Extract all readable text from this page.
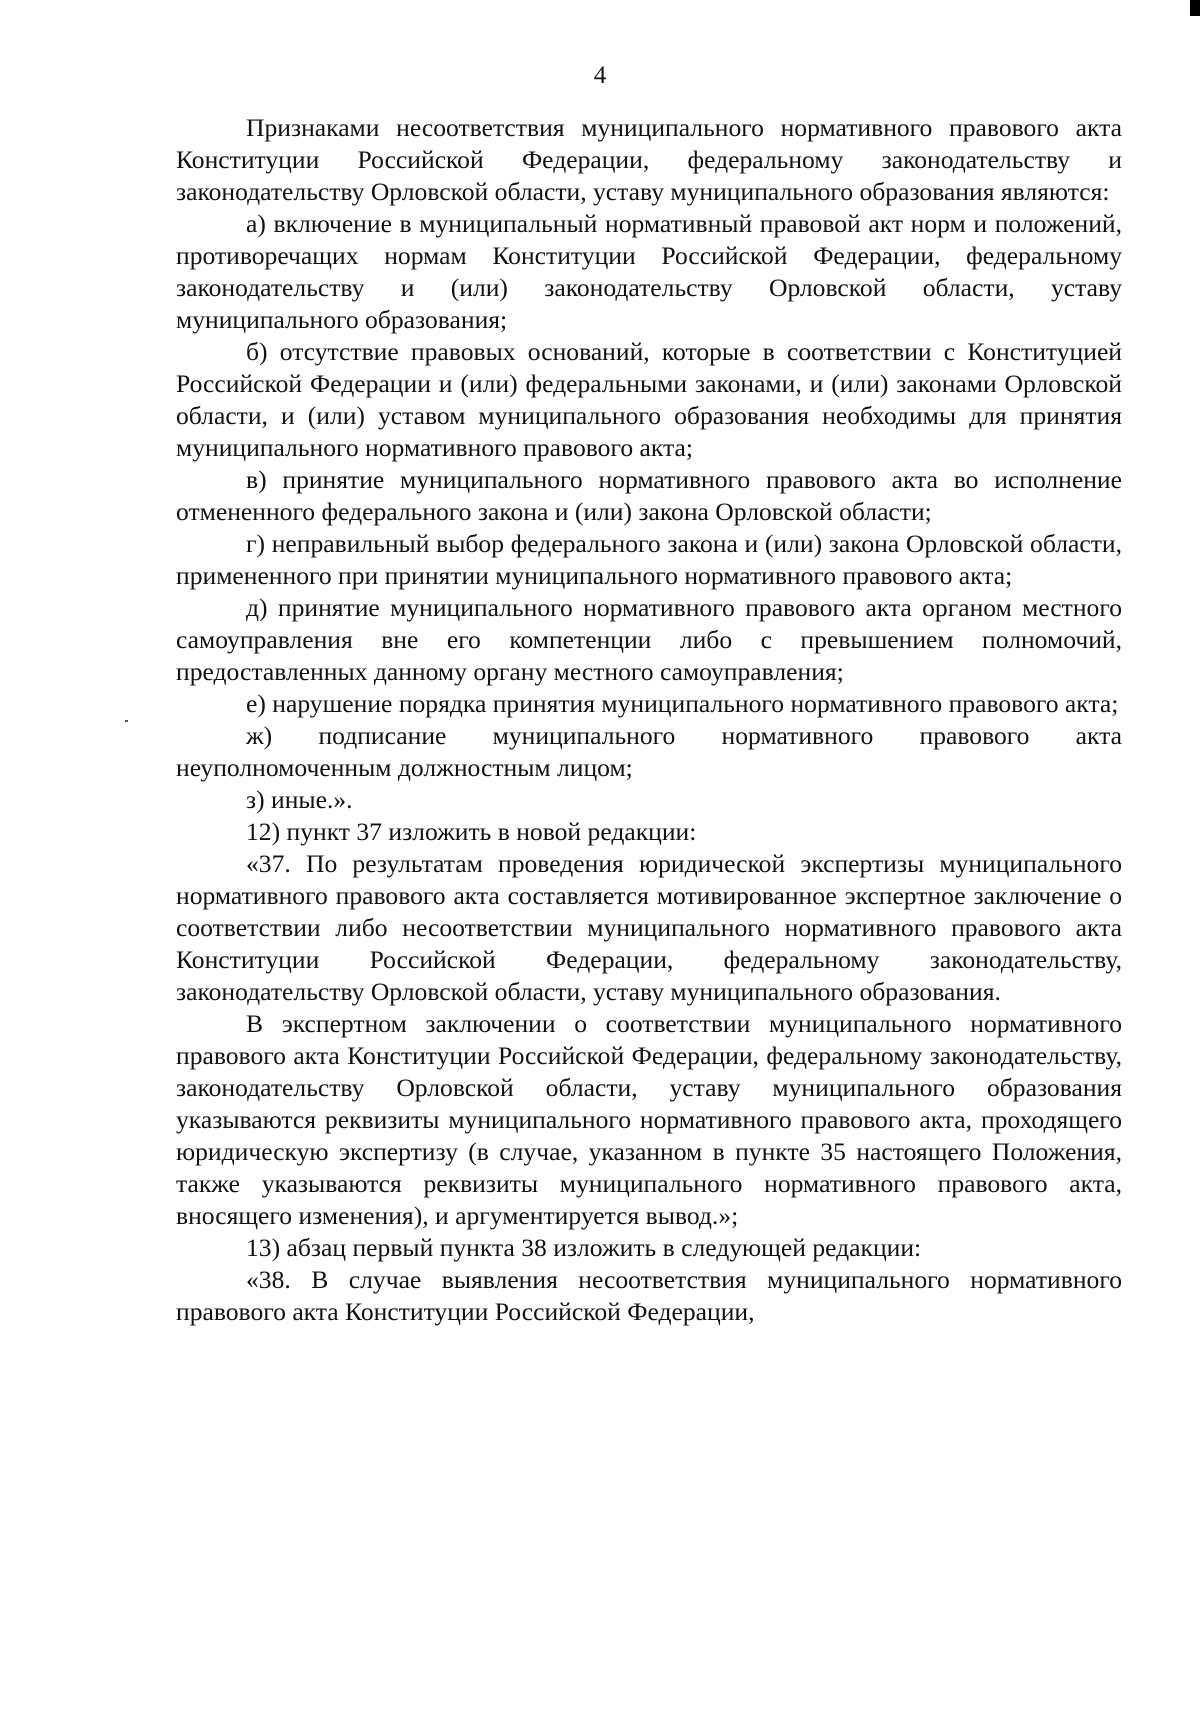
4

Признаками несоответствия муниципального нормативного правового акта Конституции Российской Федерации, федеральному законодательству и законодательству Орловской области, уставу муниципального образования являются:

а) включение в муниципальный нормативный правовой акт норм и положений, противоречащих нормам Конституции Российской Федерации, федеральному законодательству и (или) законодательству Орловской области, уставу муниципального образования;

б) отсутствие правовых оснований, которые в соответствии с Конституцией Российской Федерации и (или) федеральными законами, и (или) законами Орловской области, и (или) уставом муниципального образования необходимы для принятия муниципального нормативного правового акта;

в) принятие муниципального нормативного правового акта во исполнение отмененного федерального закона и (или) закона Орловской области;

г) неправильный выбор федерального закона и (или) закона Орловской области, примененного при принятии муниципального нормативного правового акта;

д) принятие муниципального нормативного правового акта органом местного самоуправления вне его компетенции либо с превышением полномочий, предоставленных данному органу местного самоуправления;

е) нарушение порядка принятия муниципального нормативного правового акта;

ж) подписание муниципального нормативного правового акта неуполномоченным должностным лицом;

з) иные.».

12) пункт 37 изложить в новой редакции:

«37. По результатам проведения юридической экспертизы муниципального нормативного правового акта составляется мотивированное экспертное заключение о соответствии либо несоответствии муниципального нормативного правового акта Конституции Российской Федерации, федеральному законодательству, законодательству Орловской области, уставу муниципального образования.

В экспертном заключении о соответствии муниципального нормативного правового акта Конституции Российской Федерации, федеральному законодательству, законодательству Орловской области, уставу муниципального образования указываются реквизиты муниципального нормативного правового акта, проходящего юридическую экспертизу (в случае, указанном в пункте 35 настоящего Положения, также указываются реквизиты муниципального нормативного правового акта, вносящего изменения), и аргументируется вывод.»;

13) абзац первый пункта 38 изложить в следующей редакции:

«38. В случае выявления несоответствия муниципального нормативного правового акта Конституции Российской Федерации,
